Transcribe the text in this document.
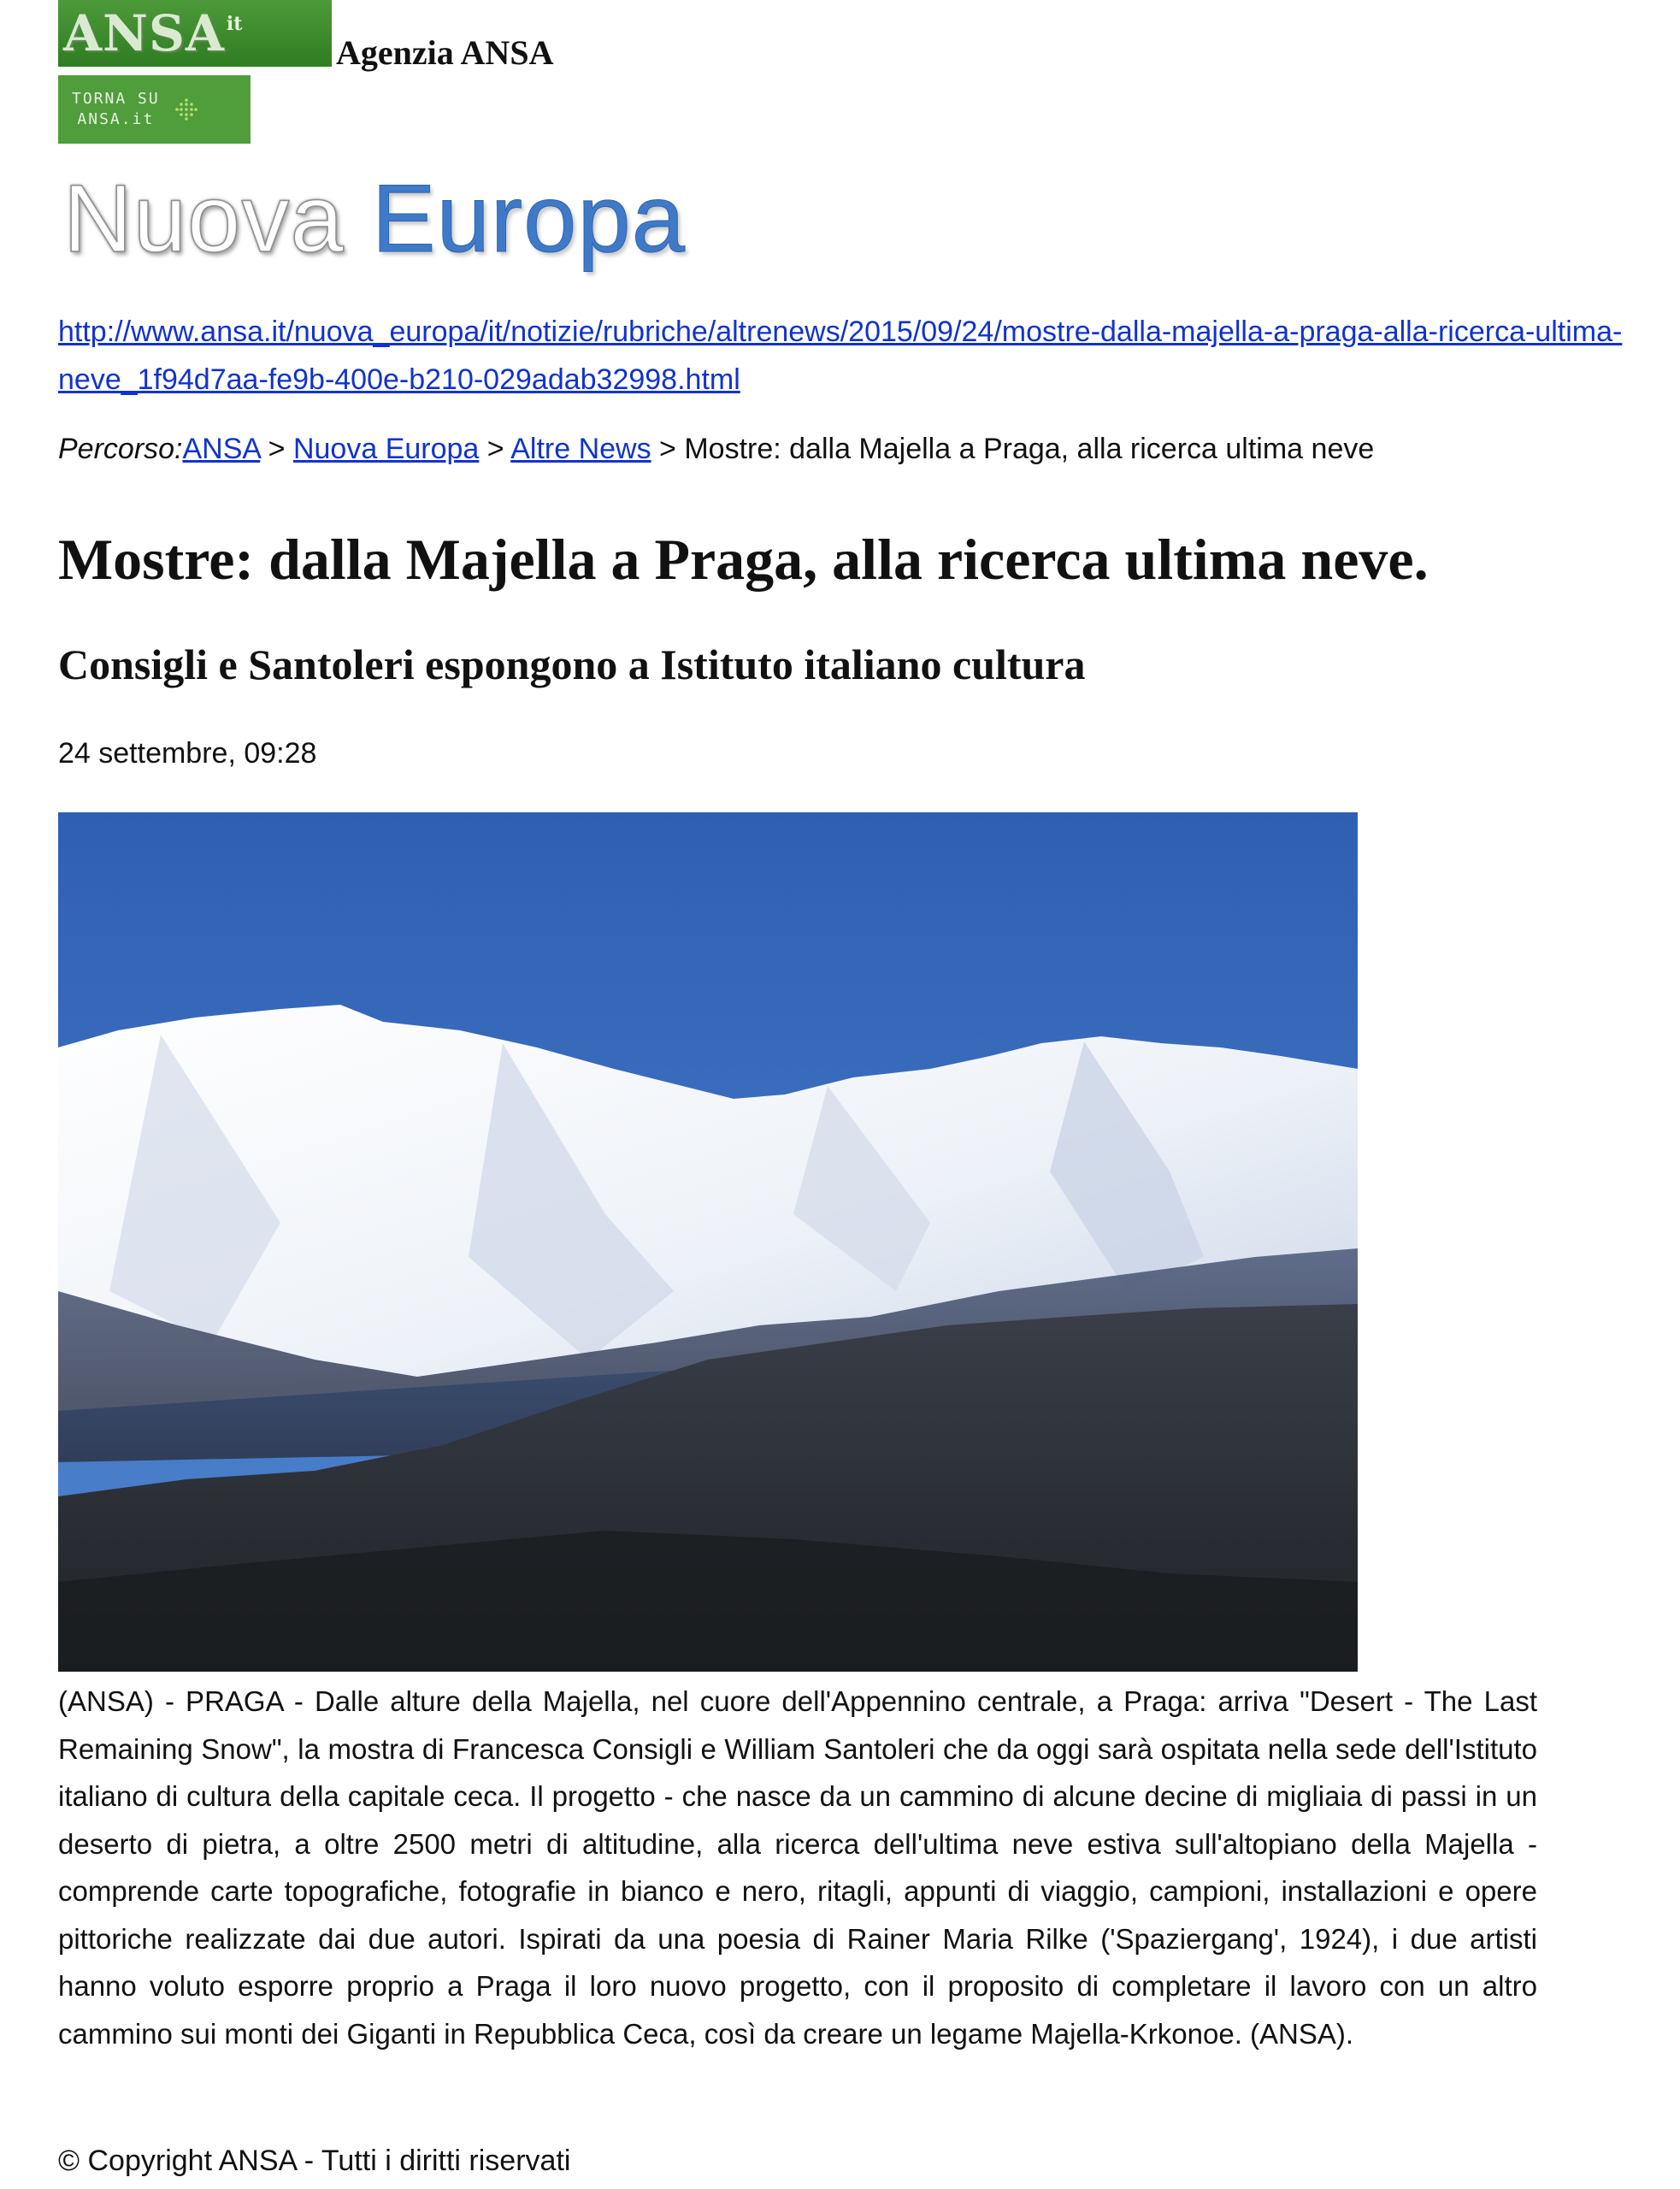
ANSA it
Agenzia ANSA
TORNA SU
ANSA.it
Nuova Europa
http://www.ansa.it/nuova_europa/it/notizie/rubriche/altrenews/2015/09/24/mostre-dalla-majella-a-praga-alla-ricerca-ultima-neve_1f94d7aa-fe9b-400e-b210-029adab32998.html
Percorso:ANSA > Nuova Europa > Altre News > Mostre: dalla Majella a Praga, alla ricerca ultima neve
Mostre: dalla Majella a Praga, alla ricerca ultima neve.
Consigli e Santoleri espongono a Istituto italiano cultura
24 settembre, 09:28

(ANSA) - PRAGA - Dalle alture della Majella, nel cuore dell'Appennino centrale, a Praga: arriva "Desert - The Last Remaining Snow", la mostra di Francesca Consigli e William Santoleri che da oggi sarà ospitata nella sede dell'Istituto italiano di cultura della capitale ceca. Il progetto - che nasce da un cammino di alcune decine di migliaia di passi in un deserto di pietra, a oltre 2500 metri di altitudine, alla ricerca dell'ultima neve estiva sull'altopiano della Majella - comprende carte topografiche, fotografie in bianco e nero, ritagli, appunti di viaggio, campioni, installazioni e opere pittoriche realizzate dai due autori. Ispirati da una poesia di Rainer Maria Rilke ('Spaziergang', 1924), i due artisti hanno voluto esporre proprio a Praga il loro nuovo progetto, con il proposito di completare il lavoro con un altro cammino sui monti dei Giganti in Repubblica Ceca, così da creare un legame Majella-Krkonoe. (ANSA).

© Copyright ANSA - Tutti i diritti riservati
